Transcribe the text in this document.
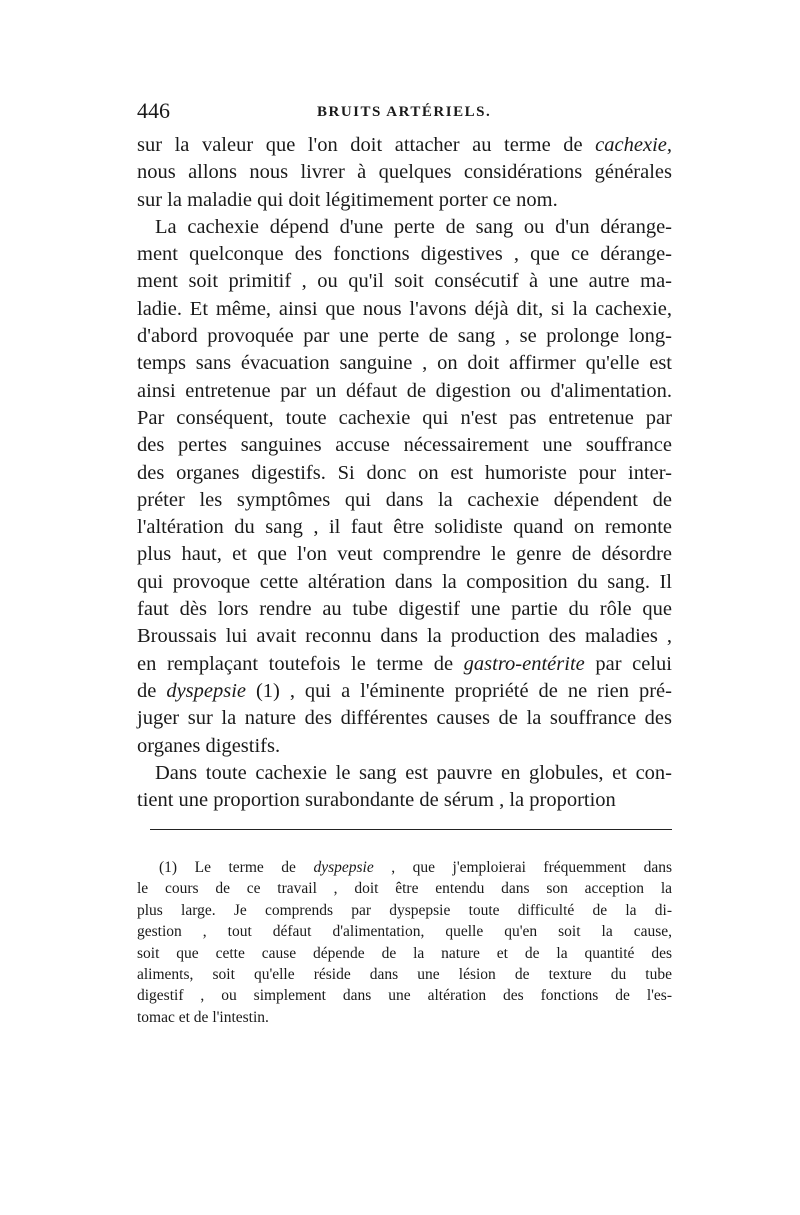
446	BRUITS ARTÉRIELS.
sur la valeur que l'on doit attacher au terme de cachexie,
nous allons nous livrer à quelques considérations générales
sur la maladie qui doit légitimement porter ce nom.
La cachexie dépend d'une perte de sang ou d'un dérange-
ment quelconque des fonctions digestives , que ce dérange-
ment soit primitif , ou qu'il soit consécutif à une autre ma-
ladie. Et même, ainsi que nous l'avons déjà dit, si la cachexie,
d'abord provoquée par une perte de sang , se prolonge long-
temps sans évacuation sanguine , on doit affirmer qu'elle est
ainsi entretenue par un défaut de digestion ou d'alimentation.
Par conséquent, toute cachexie qui n'est pas entretenue par
des pertes sanguines accuse nécessairement une souffrance
des organes digestifs. Si donc on est humoriste pour inter-
préter les symptômes qui dans la cachexie dépendent de
l'altération du sang , il faut être solidiste quand on remonte
plus haut, et que l'on veut comprendre le genre de désordre
qui provoque cette altération dans la composition du sang. Il
faut dès lors rendre au tube digestif une partie du rôle que
Broussais lui avait reconnu dans la production des maladies ,
en remplaçant toutefois le terme de gastro-entérite par celui
de dyspepsie (1) , qui a l'éminente propriété de ne rien pré-
juger sur la nature des différentes causes de la souffrance des
organes digestifs.
Dans toute cachexie le sang est pauvre en globules, et con-
tient une proportion surabondante de sérum , la proportion
(1) Le terme de dyspepsie , que j'emploierai fréquemment dans
le cours de ce travail , doit être entendu dans son acception la
plus large. Je comprends par dyspepsie toute difficulté de la di-
gestion , tout défaut d'alimentation, quelle qu'en soit la cause,
soit que cette cause dépende de la nature et de la quantité des
aliments, soit qu'elle réside dans une lésion de texture du tube
digestif , ou simplement dans une altération des fonctions de l'es-
tomac et de l'intestin.
